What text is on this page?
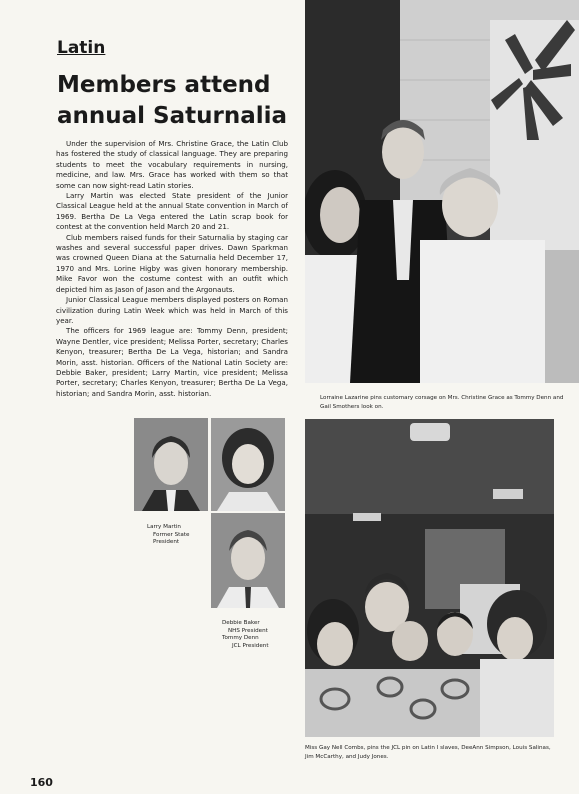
Latin
Members attend annual Saturnalia

Under the supervision of Mrs. Christine Grace, the Latin Club has fostered the study of classical language. They are preparing students to meet the vocabulary requirements in nursing, medicine, and law. Mrs. Grace has worked with them so that some can now sight-read Latin stories.

Larry Martin was elected State president of the Junior Classical League held at the annual State convention in March of 1969. Bertha De La Vega entered the Latin scrap book for contest at the convention held March 20 and 21.

Club members raised funds for their Saturnalia by staging car washes and several successful paper drives. Dawn Sparkman was crowned Queen Diana at the Saturnalia held December 17, 1970 and Mrs. Lorine Higby was given honorary membership. Mike Favor won the costume contest with an outfit which depicted him as Jason of Jason and the Argonauts.

Junior Classical League members displayed posters on Roman civilization during Latin Week which was held in March of this year.

The officers for 1969 league are: Tommy Denn, president; Wayne Dentler, vice president; Melissa Porter, secretary; Charles Kenyon, treasurer; Bertha De La Vega, historian; and Sandra Morin, asst. historian. Officers of the National Latin Society are: Debbie Baker, president; Larry Martin, vice president; Melissa Porter, secretary; Charles Kenyon, treasurer; Bertha De La Vega, historian; and Sandra Morin, asst. historian.

Lorraine Lazarine pins customary corsage on Mrs. Christine Grace as Tommy Denn and Gail Smothers look on.
Larry Martin
Former State
President
Debbie Baker
NHS President
Tommy Denn
JCL President
Miss Gay Nell Combs, pins the JCL pin on Latin I slaves, DeeAnn Simpson, Louis Salinas, Jim McCarthy, and Judy Jones.
160
